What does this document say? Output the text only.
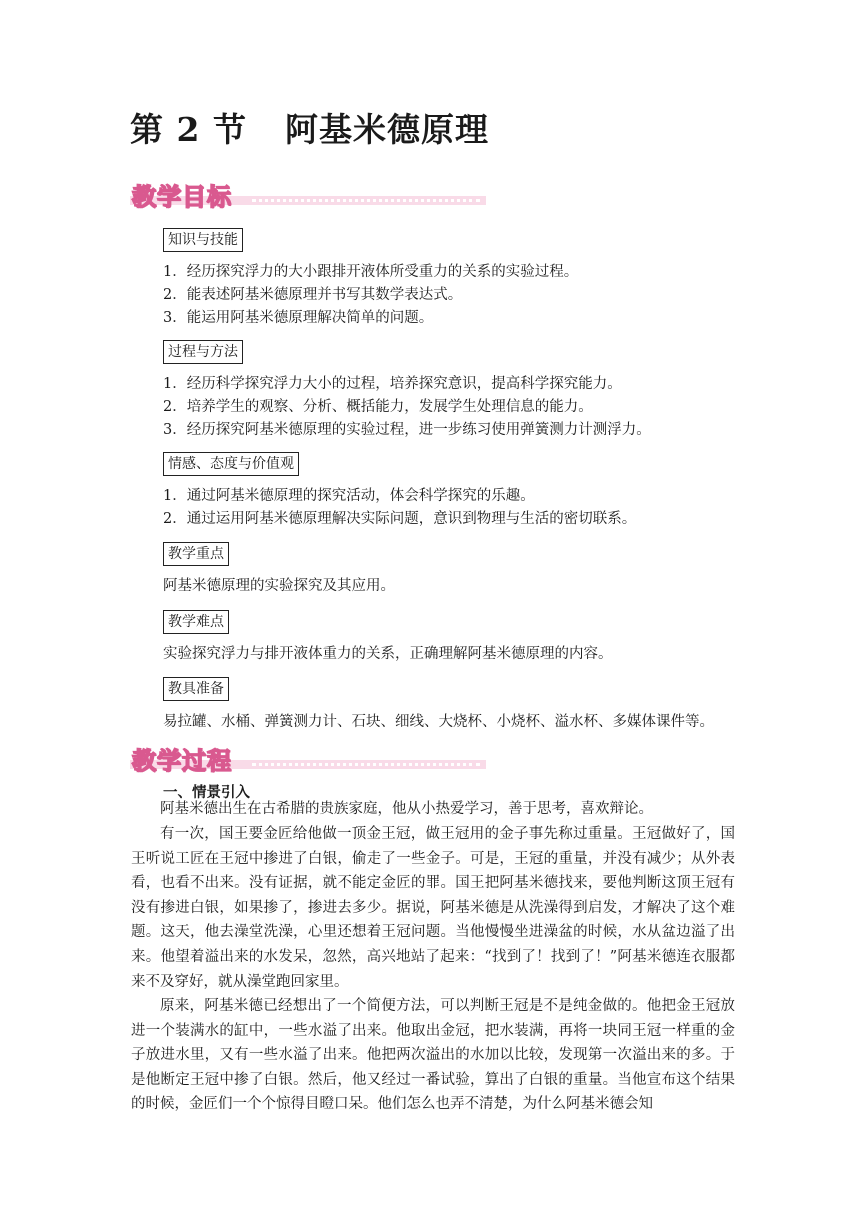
第 2 节 阿基米德原理
教学目标
知识与技能
1．经历探究浮力的大小跟排开液体所受重力的关系的实验过程。
2．能表述阿基米德原理并书写其数学表达式。
3．能运用阿基米德原理解决简单的问题。
过程与方法
1．经历科学探究浮力大小的过程，培养探究意识，提高科学探究能力。
2．培养学生的观察、分析、概括能力，发展学生处理信息的能力。
3．经历探究阿基米德原理的实验过程，进一步练习使用弹簧测力计测浮力。
情感、态度与价值观
1．通过阿基米德原理的探究活动，体会科学探究的乐趣。
2．通过运用阿基米德原理解决实际问题，意识到物理与生活的密切联系。
教学重点
阿基米德原理的实验探究及其应用。
教学难点
实验探究浮力与排开液体重力的关系，正确理解阿基米德原理的内容。
教具准备
易拉罐、水桶、弹簧测力计、石块、细线、大烧杯、小烧杯、溢水杯、多媒体课件等。
教学过程
一、情景引入

阿基米德出生在古希腊的贵族家庭，他从小热爱学习，善于思考，喜欢辩论。

有一次，国王要金匠给他做一顶金王冠，做王冠用的金子事先称过重量。王冠做好了，国王听说工匠在王冠中掺进了白银，偷走了一些金子。可是，王冠的重量，并没有减少；从外表看，也看不出来。没有证据，就不能定金匠的罪。国王把阿基米德找来，要他判断这顶王冠有没有掺进白银，如果掺了，掺进去多少。据说，阿基米德是从洗澡得到启发，才解决了这个难题。这天，他去澡堂洗澡，心里还想着王冠问题。当他慢慢坐进澡盆的时候，水从盆边溢了出来。他望着溢出来的水发呆，忽然，高兴地站了起来：“找到了！找到了！”阿基米德连衣服都来不及穿好，就从澡堂跑回家里。

原来，阿基米德已经想出了一个简便方法，可以判断王冠是不是纯金做的。他把金王冠放进一个装满水的缸中，一些水溢了出来。他取出金冠，把水装满，再将一块同王冠一样重的金子放进水里，又有一些水溢了出来。他把两次溢出的水加以比较，发现第一次溢出来的多。于是他断定王冠中掺了白银。然后，他又经过一番试验，算出了白银的重量。当他宣布这个结果的时候，金匠们一个个惊得目瞪口呆。他们怎么也弄不清楚，为什么阿基米德会知
